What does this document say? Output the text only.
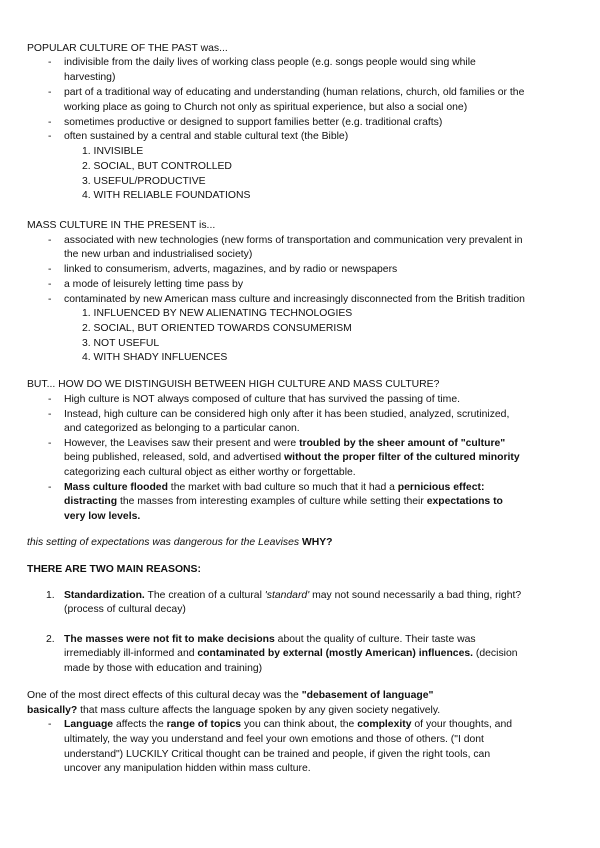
POPULAR CULTURE OF THE PAST was...

- indivisible from the daily lives of working class people (e.g. songs people would sing while

harvesting)

- part of a traditional way of educating and understanding (human relations, church, old families or the

working place as going to Church not only as spiritual experience, but also a social one)

- sometimes productive or designed to support families better (e.g. traditional crafts)

- often sustained by a central and stable cultural text (the Bible)

1. INVISIBLE

2. SOCIAL, BUT CONTROLLED

3. USEFUL/PRODUCTIVE

4. WITH RELIABLE FOUNDATIONS

MASS CULTURE IN THE PRESENT is...

- associated with new technologies (new forms of transportation and communication very prevalent in

the new urban and industrialised society)

- linked to consumerism, adverts, magazines, and by radio or newspapers

- a mode of leisurely letting time pass by

- contaminated by new American mass culture and increasingly disconnected from the British tradition

1. INFLUENCED BY NEW ALIENATING TECHNOLOGIES

2. SOCIAL, BUT ORIENTED TOWARDS CONSUMERISM

3. NOT USEFUL

4. WITH SHADY INFLUENCES

BUT... HOW DO WE DISTINGUISH BETWEEN HIGH CULTURE AND MASS CULTURE?

- High culture is NOT always composed of culture that has survived the passing of time.

- Instead, high culture can be considered high only after it has been studied, analyzed, scrutinized,

and categorized as belonging to a particular canon.

- However, the Leavises saw their present and were troubled by the sheer amount of "culture"

being published, released, sold, and advertised without the proper filter of the cultured minority

categorizing each cultural object as either worthy or forgettable.

- Mass culture flooded the market with bad culture so much that it had a pernicious effect:

distracting the masses from interesting examples of culture while setting their expectations to

very low levels.

this setting of expectations was dangerous for the Leavises WHY?

THERE ARE TWO MAIN REASONS:

1. Standardization. The creation of a cultural 'standard' may not sound necessarily a bad thing, right?

(process of cultural decay)

2. The masses were not fit to make decisions about the quality of culture. Their taste was

irremediably ill-informed and contaminated by external (mostly American) influences. (decision

made by those with education and training)

One of the most direct effects of this cultural decay was the "debasement of language"

basically? that mass culture affects the language spoken by any given society negatively.

- Language affects the range of topics you can think about, the complexity of your thoughts, and

ultimately, the way you understand and feel your own emotions and those of others. ("I dont

understand") LUCKILY Critical thought can be trained and people, if given the right tools, can

uncover any manipulation hidden within mass culture.
